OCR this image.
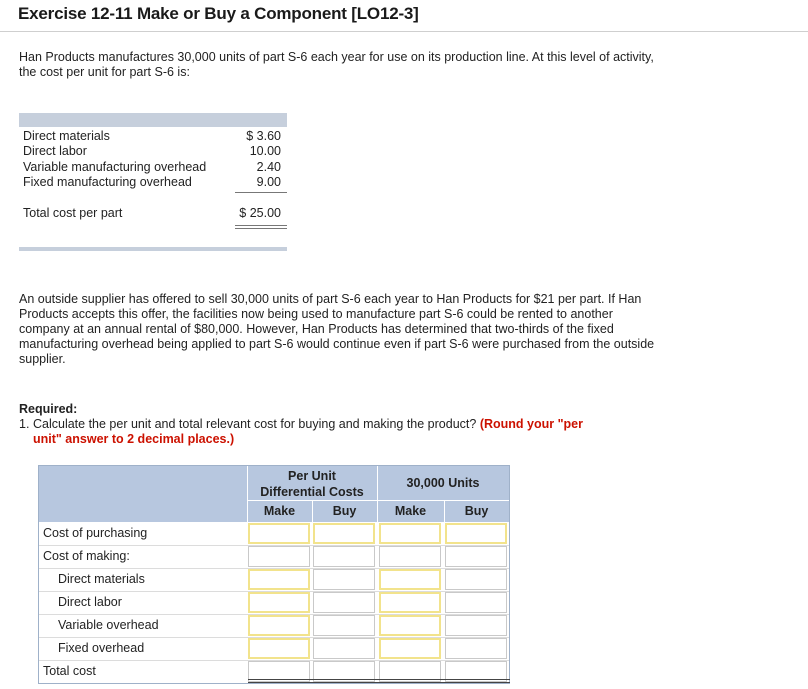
Exercise 12-11 Make or Buy a Component [LO12-3]
Han Products manufactures 30,000 units of part S-6 each year for use on its production line. At this level of activity, the cost per unit for part S-6 is:
Direct materials	$ 3.60
Direct labor	10.00
Variable manufacturing overhead	2.40
Fixed manufacturing overhead	9.00
Total cost per part	$ 25.00
An outside supplier has offered to sell 30,000 units of part S-6 each year to Han Products for $21 per part. If Han Products accepts this offer, the facilities now being used to manufacture part S-6 could be rented to another company at an annual rental of $80,000. However, Han Products has determined that two-thirds of the fixed manufacturing overhead being applied to part S-6 would continue even if part S-6 were purchased from the outside supplier.
Required:
1. Calculate the per unit and total relevant cost for buying and making the product? (Round your "per
unit" answer to 2 decimal places.)
Per Unit
Differential Costs
30,000 Units
Make	Buy	Make	Buy
Cost of purchasing
Cost of making:
Direct materials
Direct labor
Variable overhead
Fixed overhead
Total cost
